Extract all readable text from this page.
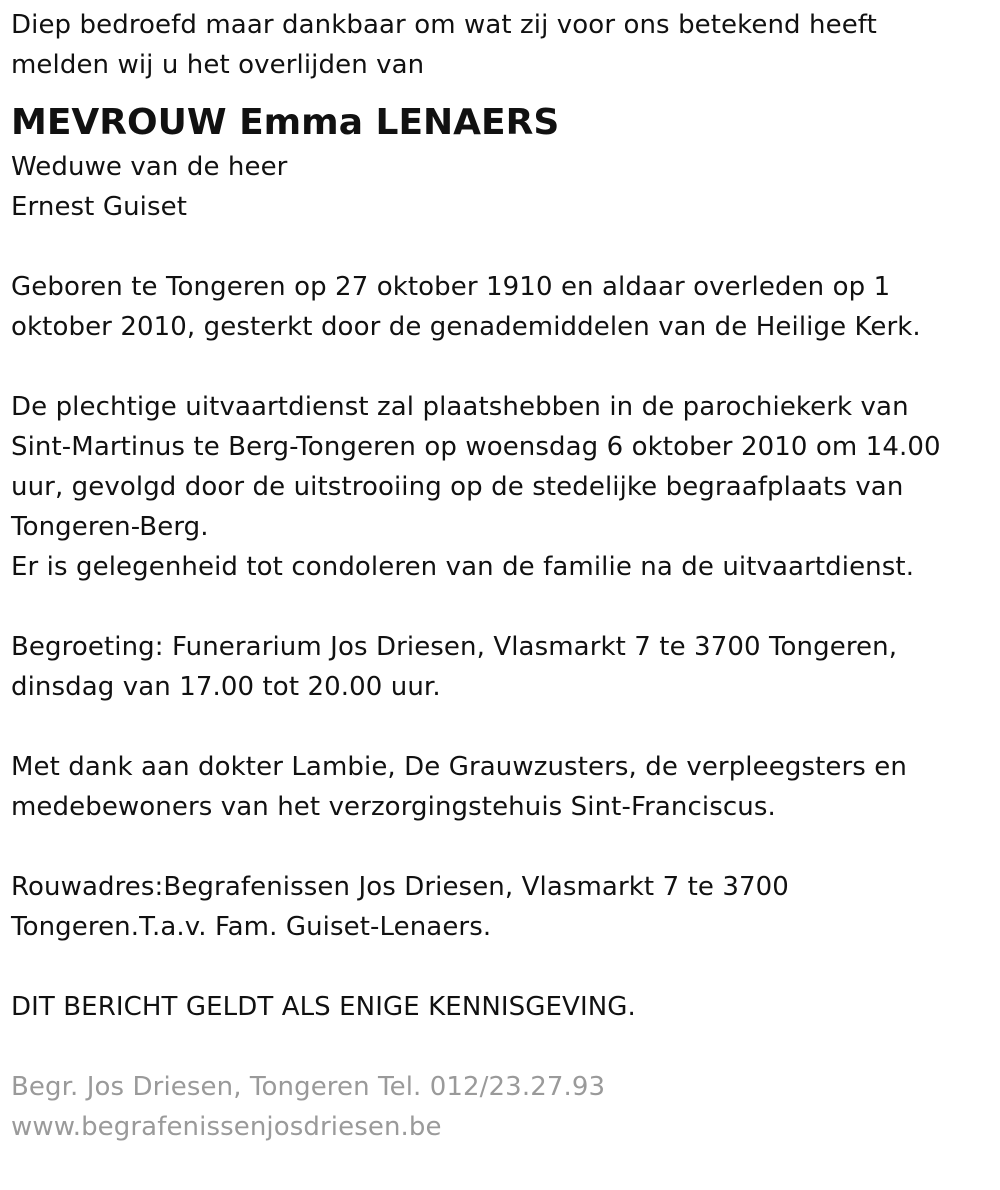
Diep bedroefd maar dankbaar om wat zij voor ons betekend heeft
melden wij u het overlijden van
MEVROUW Emma LENAERS
Weduwe van de heer
Ernest Guiset
Geboren te Tongeren op 27 oktober 1910 en aldaar overleden op 1
oktober 2010, gesterkt door de genademiddelen van de Heilige Kerk.
De plechtige uitvaartdienst zal plaatshebben in de parochiekerk van
Sint-Martinus te Berg-Tongeren op woensdag 6 oktober 2010 om 14.00
uur, gevolgd door de uitstrooiing op de stedelijke begraafplaats van
Tongeren-Berg.
Er is gelegenheid tot condoleren van de familie na de uitvaartdienst.
Begroeting: Funerarium Jos Driesen, Vlasmarkt 7 te 3700 Tongeren,
dinsdag van 17.00 tot 20.00 uur.
Met dank aan dokter Lambie, De Grauwzusters, de verpleegsters en
medebewoners van het verzorgingstehuis Sint-Franciscus.
Rouwadres:Begrafenissen Jos Driesen, Vlasmarkt 7 te 3700
Tongeren.T.a.v. Fam. Guiset-Lenaers.
DIT BERICHT GELDT ALS ENIGE KENNISGEVING.
Begr. Jos Driesen, Tongeren Tel. 012/23.27.93
www.begrafenissenjosdriesen.be
